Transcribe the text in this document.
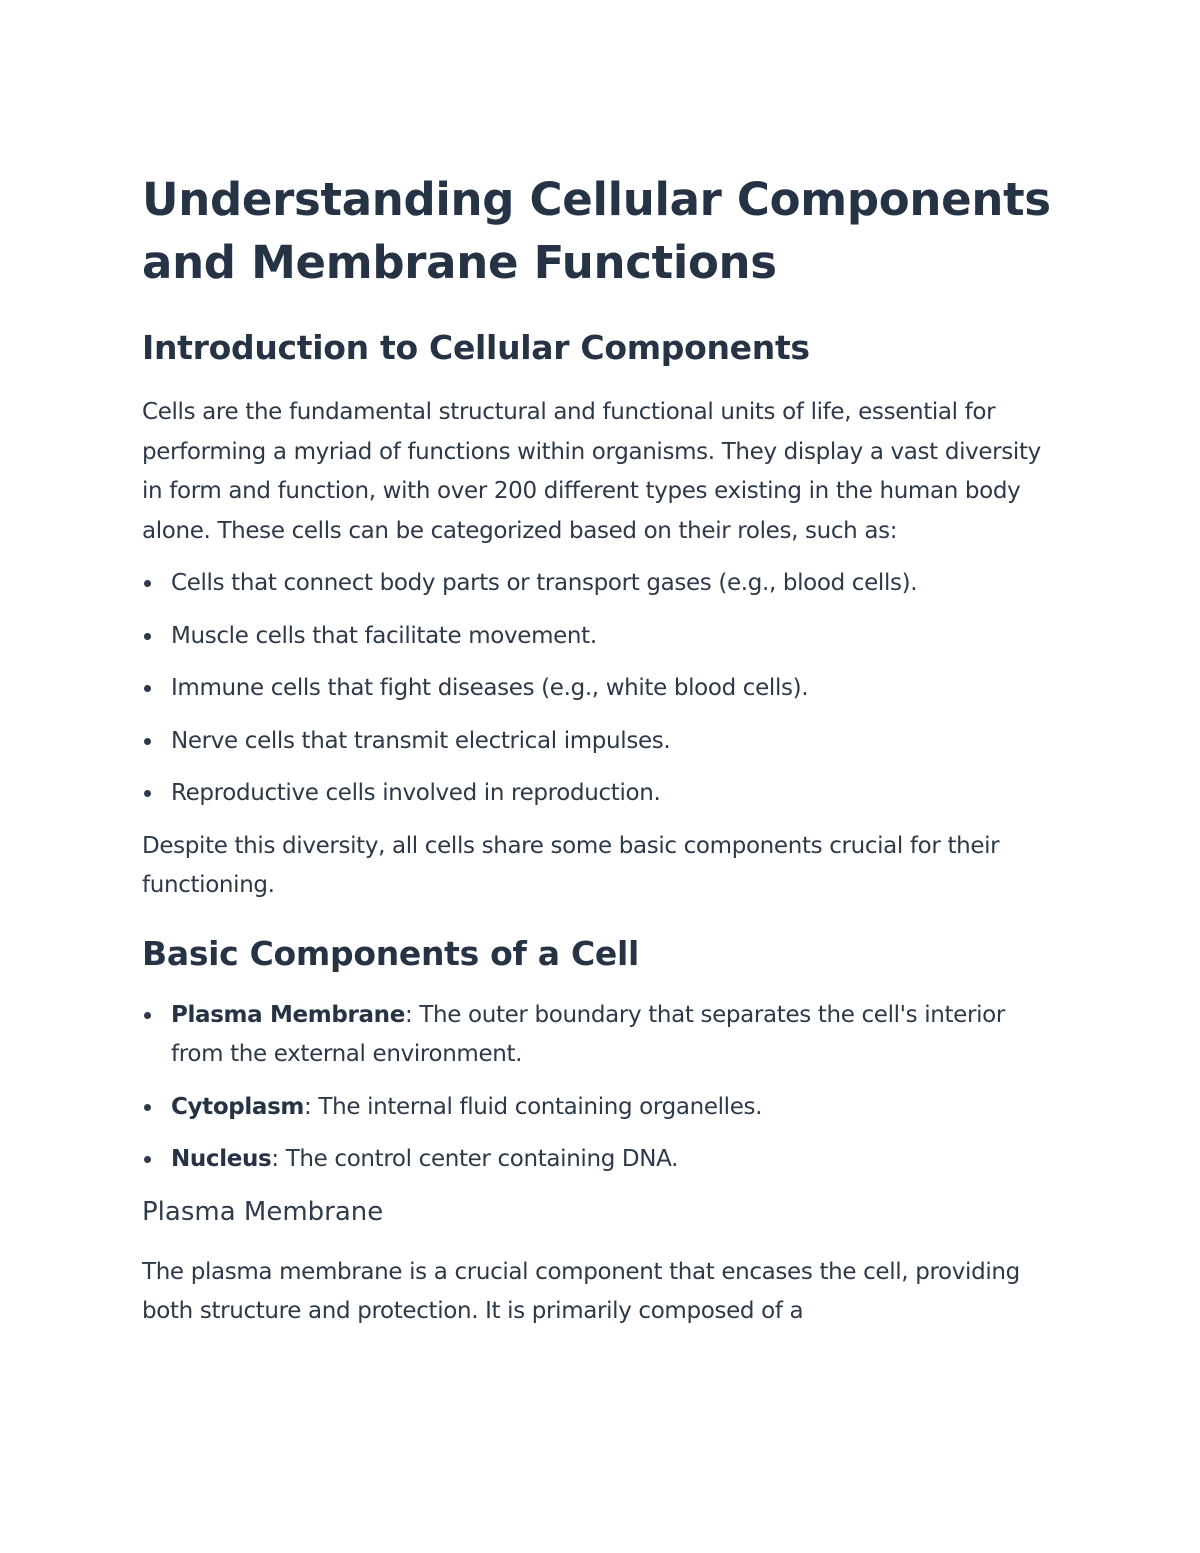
Understanding Cellular Components and Membrane Functions
Introduction to Cellular Components

Cells are the fundamental structural and functional units of life, essential for performing a myriad of functions within organisms. They display a vast diversity in form and function, with over 200 different types existing in the human body alone. These cells can be categorized based on their roles, such as:

Cells that connect body parts or transport gases (e.g., blood cells).
Muscle cells that facilitate movement.
Immune cells that fight diseases (e.g., white blood cells).
Nerve cells that transmit electrical impulses.
Reproductive cells involved in reproduction.

Despite this diversity, all cells share some basic components crucial for their functioning.

Basic Components of a Cell
Plasma Membrane: The outer boundary that separates the cell's interior from the external environment.
Cytoplasm: The internal fluid containing organelles.
Nucleus: The control center containing DNA.
Plasma Membrane

The plasma membrane is a crucial component that encases the cell, providing both structure and protection. It is primarily composed of a
